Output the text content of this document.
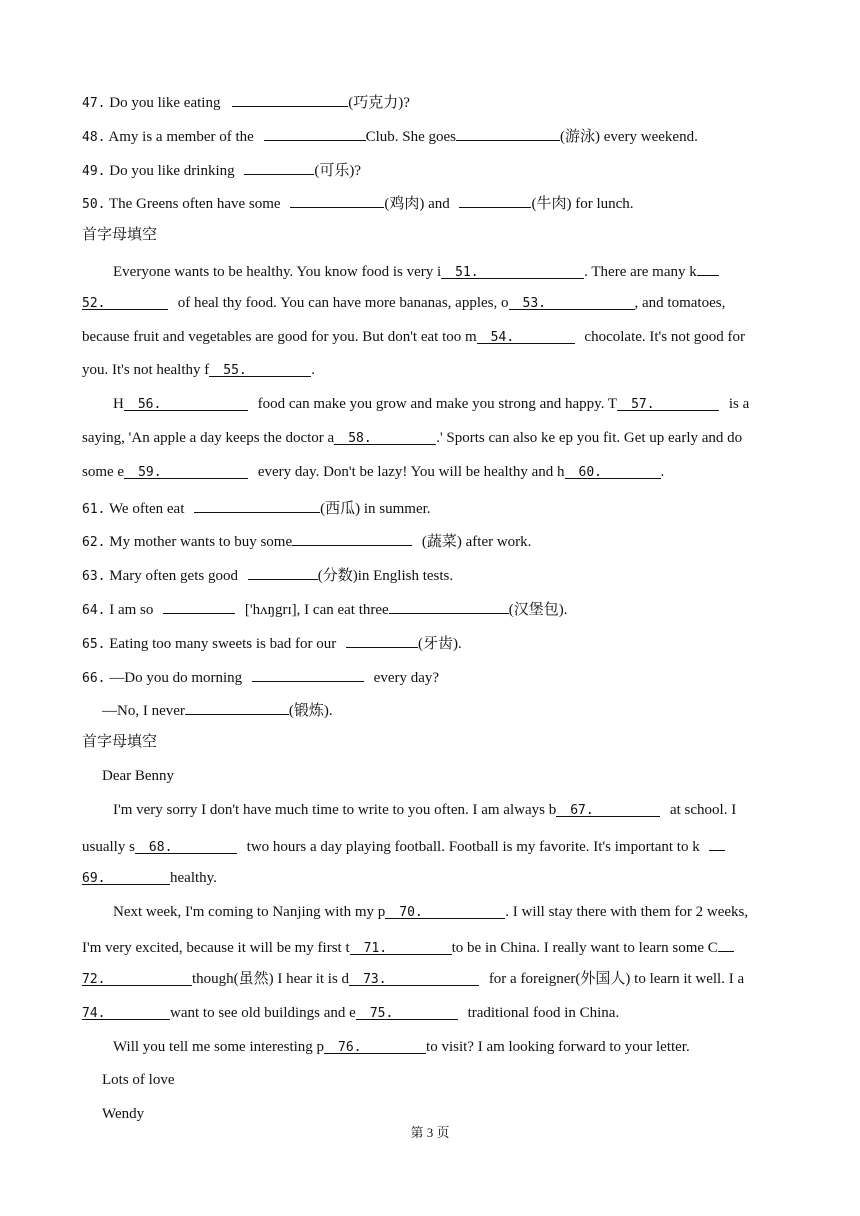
47. Do you like eating	(巧克力)?
48. Amy is a member of the	Club. She goes	(游泳) every weekend.
49. Do you like drinking	(可乐)?
50. The Greens often have some	(鸡肉) and	(牛肉) for lunch.
首字母填空
Everyone wants to be healthy. You know food is very i 51.	. There are many k
52.	of heal thy food. You can have more bananas, apples, o 53.	, and tomatoes,
because fruit and vegetables are good for you. But don't eat too m 54.	chocolate. It's not good for
you. It's not healthy f 55.	.
H 56.	food can make you grow and make you strong and happy. T 57.	is a
saying, 'An apple a day keeps the doctor a 58.	.' Sports can also ke ep you fit. Get up early and do
some e 59.	every day. Don't be lazy! You will be healthy and h 60.	.
61. We often eat	(西瓜) in summer.
62. My mother wants to buy some	(蔬菜) after work.
63. Mary often gets good	(分数)in English tests.
64. I am so	['hʌŋgrɪ], I can eat three	(汉堡包).
65. Eating too many sweets is bad for our	(牙齿).
66. —Do you do morning	every day?
—No, I never	(锻炼).
首字母填空
Dear Benny
I'm very sorry I don't have much time to write to you often. I am always b 67.	at school. I
usually s 68.	two hours a day playing football. Football is my favorite. It's important to k
69.	healthy.
Next week, I'm coming to Nanjing with my p 70.	. I will stay there with them for 2 weeks,
I'm very excited, because it will be my first t 71.	to be in China. I really want to learn some C
72.	though(虽然) I hear it is d 73.	for a foreigner(外国人) to learn it well. I a
74.	want to see old buildings and e 75.	traditional food in China.
Will you tell me some interesting p 76.	to visit? I am looking forward to your letter.
Lots of love
Wendy
第 3 页
